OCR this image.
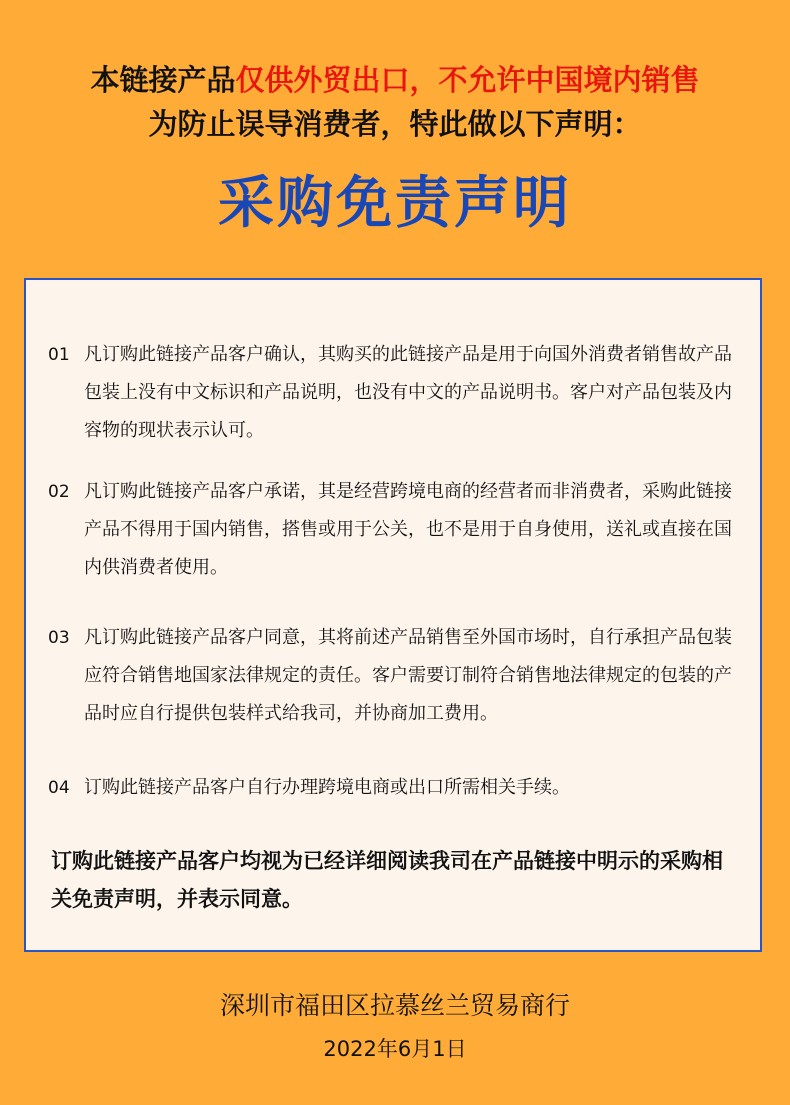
本链接产品仅供外贸出口，不允许中国境内销售
为防止误导消费者，特此做以下声明：
采购免责声明
01 凡订购此链接产品客户确认，其购买的此链接产品是用于向国外消费者销售故产品包装上没有中文标识和产品说明，也没有中文的产品说明书。客户对产品包装及内容物的现状表示认可。
02 凡订购此链接产品客户承诺，其是经营跨境电商的经营者而非消费者，采购此链接产品不得用于国内销售，搭售或用于公关，也不是用于自身使用，送礼或直接在国内供消费者使用。
03 凡订购此链接产品客户同意，其将前述产品销售至外国市场时，自行承担产品包装应符合销售地国家法律规定的责任。客户需要订制符合销售地法律规定的包装的产品时应自行提供包装样式给我司，并协商加工费用。
04 订购此链接产品客户自行办理跨境电商或出口所需相关手续。
订购此链接产品客户均视为已经详细阅读我司在产品链接中明示的采购相关免责声明，并表示同意。
深圳市福田区拉慕丝兰贸易商行
2022年6月1日
